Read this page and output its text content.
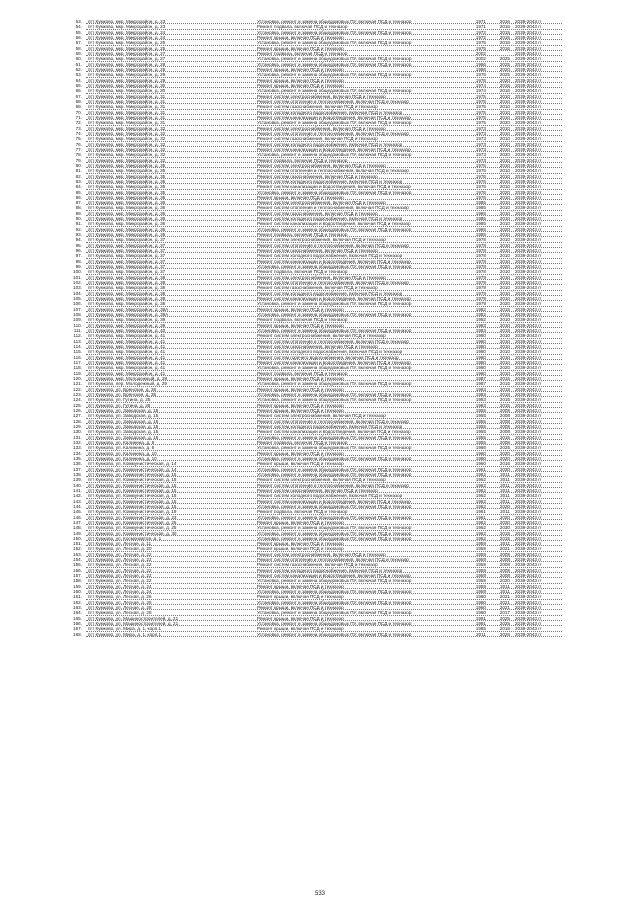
53. пгт Кумково, мкр. Микрорайон, д. 23	Установка, ремонт и замена общедомовых ПУ, включая ПСД и техназор	1971	2016 2039-2043 гг
54. пгт Кумково, мкр. Микрорайон, д. 23	Ремонт подвала, включая ПСД и техназор	1971	2016 2039-2043 гг
55. пгт Кумково, мкр. Микрорайон, д. 24	Установка, ремонт и замена общедомовых ПУ, включая ПСД и техназор	1972	2015 2039-2043 гг
56. пгт Кумково, мкр. Микрорайон, д. 24	Ремонт крыши, включая ПСД и техназор	1972	2015 2039-2043 гг
57. пгт Кумково, мкр. Микрорайон, д. 25	Установка, ремонт и замена общедомовых ПУ, включая ПСД и техназор	1975	2016 2039-2043 гг
58. пгт Кумково, мкр. Микрорайон, д. 25	Ремонт крыши, включая ПСД и техназор	1975	2016 2039-2043 гг
59. пгт Кумково, мкр. Микрорайон, д. 27	Ремонт подвала, включая ПСД и техназор	2002	2039-2043 гг
60. пгт Кумково, мкр. Микрорайон, д. 27	Установка, ремонт и замена общедомовых ПУ, включая ПСД и техназор	2002	2025 2039-2043 гг
61. пгт Кумково, мкр. Микрорайон, д. 28	Установка, ремонт и замена общедомовых ПУ, включая ПСД и техназор	1986	2025 2039-2043 гг
62. пгт Кумково, мкр. Микрорайон, д. 28	Ремонт крыши, включая ПСД и техназор	1986	2020 2039-2043 гг
63. пгт Кумково, мкр. Микрорайон, д. 29	Установка, ремонт и замена общедомовых ПУ, включая ПСД и техназор	1976	2025 2039-2043 гг
64. пгт Кумково, мкр. Микрорайон, д. 29	Ремонт крыши, включая ПСД и техназор	1976	2020 2039-2043 гг
65. пгт Кумково, мкр. Микрорайон, д. 30	Ремонт крыши, включая ПСД и техназор	1974	2016 2039-2043 гг
66. пгт Кумково, мкр. Микрорайон, д. 30	Установка, ремонт и замена общедомовых ПУ, включая ПСД и техназор	1974	2016 2039-2043 гг
67. пгт Кумково, мкр. Микрорайон, д. 31	Ремонт систем электроснабжения, включая ПСД и техназор	1975	2010 2039-2043 гг
68. пгт Кумково, мкр. Микрорайон, д. 31	Ремонт систем отопления и теплоснабжения, включая ПСД и техназор	1975	2010 2039-2043 гг
69. пгт Кумково, мкр. Микрорайон, д. 31	Ремонт систем газоснабжения, включая ПСД и техназор	1975	2010 2039-2043 гг
70. пгт Кумково, мкр. Микрорайон, д. 31	Ремонт систем холодного водоснабжения, включая ПСД и техназор	1975	2010 2039-2043 гг
71. пгт Кумково, мкр. Микрорайон, д. 31	Ремонт систем канализации и водоотведения, включая ПСД и техназор	1975	2010 2039-2043 гг
72. пгт Кумково, мкр. Микрорайон, д. 31	Установка, ремонт и замена общедомовых ПУ, включая ПСД и техназор	1975	2020 2039-2043 гг
73. пгт Кумково, мкр. Микрорайон, д. 32	Ремонт систем электроснабжения, включая ПСД и техназор	1973	2010 2039-2043 гг
74. пгт Кумково, мкр. Микрорайон, д. 32	Ремонт систем отопления и теплоснабжения, включая ПСД и техназор	1973	2010 2039-2043 гг
75. пгт Кумково, мкр. Микрорайон, д. 32	Ремонт систем газоснабжения, включая ПСД и техназор	1973	2010 2039-2043 гг
76. пгт Кумково, мкр. Микрорайон, д. 32	Ремонт систем холодного водоснабжения, включая ПСД и техназор	1973	2010 2039-2043 гг
77. пгт Кумково, мкр. Микрорайон, д. 32	Ремонт систем канализации и водоотведения, включая ПСД и техназор	1973	2010 2039-2043 гг
78. пгт Кумково, мкр. Микрорайон, д. 32	Установка, ремонт и замена общедомовых ПУ, включая ПСД и техназор	1973	2020 2039-2043 гг
79. пгт Кумково, мкр. Микрорайон, д. 32	Ремонт подвала, включая ПСД и техназор	1973	2010 2039-2043 гг
80. пгт Кумково, мкр. Микрорайон, д. 35	Ремонт систем электроснабжения, включая ПСД и техназор	1976	2010 2039-2043 гг
81. пгт Кумково, мкр. Микрорайон, д. 35	Ремонт систем отопления и теплоснабжения, включая ПСД и техназор	1976	2010 2039-2043 гг
82. пгт Кумково, мкр. Микрорайон, д. 35	Ремонт систем газоснабжения, включая ПСД и техназор	1976	2010 2039-2043 гг
83. пгт Кумково, мкр. Микрорайон, д. 35	Ремонт систем холодного водоснабжения, включая ПСД и техназор	1976	2010 2039-2043 гг
84. пгт Кумково, мкр. Микрорайон, д. 35	Ремонт систем канализации и водоотведения, включая ПСД и техназор	1976	2010 2039-2043 гг
85. пгт Кумково, мкр. Микрорайон, д. 35	Установка, ремонт и замена общедомовых ПУ, включая ПСД и техназор	1976	2020 2039-2043 гг
86. пгт Кумково, мкр. Микрорайон, д. 35	Ремонт крыши, включая ПСД и техназор	1976	2010 2039-2043 гг
87. пгт Кумково, мкр. Микрорайон, д. 36	Ремонт систем электроснабжения, включая ПСД и техназор	1985	2010 2039-2043 гг
88. пгт Кумково, мкр. Микрорайон, д. 36	Ремонт систем отопления и теплоснабжения, включая ПСД и техназор	1985	2010 2039-2043 гг
89. пгт Кумково, мкр. Микрорайон, д. 36	Ремонт систем газоснабжения, включая ПСД и техназор	1985	2010 2039-2043 гг
90. пгт Кумково, мкр. Микрорайон, д. 36	Ремонт систем холодного водоснабжения, включая ПСД и техназор	1985	2010 2039-2043 гг
91. пгт Кумково, мкр. Микрорайон, д. 36	Ремонт систем канализации и водоотведения, включая ПСД и техназор	1985	2010 2039-2043 гг
92. пгт Кумково, мкр. Микрорайон, д. 36	Установка, ремонт и замена общедомовых ПУ, включая ПСД и техназор	1985	2020 2039-2043 гг
93. пгт Кумково, мкр. Микрорайон, д. 36	Ремонт подвала, включая ПСД и техназор	1985	2010 2039-2043 гг
94. пгт Кумково, мкр. Микрорайон, д. 37	Ремонт систем электроснабжения, включая ПСД и техназор	1978	2010 2039-2043 гг
95. пгт Кумково, мкр. Микрорайон, д. 37	Ремонт систем отопления и теплоснабжения, включая ПСД и техназор	1978	2010 2039-2043 гг
96. пгт Кумково, мкр. Микрорайон, д. 37	Ремонт систем газоснабжения, включая ПСД и техназор	1978	2010 2039-2043 гг
97. пгт Кумково, мкр. Микрорайон, д. 37	Ремонт систем холодного водоснабжения, включая ПСД и техназор	1978	2010 2039-2043 гг
98. пгт Кумково, мкр. Микрорайон, д. 37	Ремонт систем канализации и водоотведения, включая ПСД и техназор	1978	2010 2039-2043 гг
99. пгт Кумково, мкр. Микрорайон, д. 37	Установка, ремонт и замена общедомовых ПУ, включая ПСД и техназор	1978	2020 2039-2043 гг
100. пгт Кумково, мкр. Микрорайон, д. 37	Ремонт подвала, включая ПСД и техназор	1978	2010 2039-2043 гг
101. пгт Кумково, мкр. Микрорайон, д. 38	Ремонт систем электроснабжения, включая ПСД и техназор	1979	2010 2039-2043 гг
102. пгт Кумково, мкр. Микрорайон, д. 38	Ремонт систем отопления и теплоснабжения, включая ПСД и техназор	1979	2010 2039-2043 гг
103. пгт Кумково, мкр. Микрорайон, д. 38	Ремонт систем газоснабжения, включая ПСД и техназор	1979	2010 2039-2043 гг
104. пгт Кумково, мкр. Микрорайон, д. 38	Ремонт систем холодного водоснабжения, включая ПСД и техназор	1979	2010 2039-2043 гг
105. пгт Кумково, мкр. Микрорайон, д. 38	Ремонт систем канализации и водоотведения, включая ПСД и техназор	1979	2010 2039-2043 гг
106. пгт Кумково, мкр. Микрорайон, д. 38	Установка, ремонт и замена общедомовых ПУ, включая ПСД и техназор	1979	2020 2039-2043 гг
107. пгт Кумково, мкр. Микрорайон, д. 38А	Ремонт крыши, включая ПСД и техназор	1982	2015 2039-2043 гг
108. пгт Кумково, мкр. Микрорайон, д. 38А	Установка, ремонт и замена общедомовых ПУ, включая ПСД и техназор	1982	2015 2039-2043 гг
109. пгт Кумково, мкр. Микрорайон, д. 39	Ремонт подвала, включая ПСД и техназор	1982	2010 2039-2043 гг
110. пгт Кумково, мкр. Микрорайон, д. 39	Ремонт крыши, включая ПСД и техназор	1983	2010 2039-2043 гг
111. пгт Кумково, мкр. Микрорайон, д. 40	Установка, ремонт и замена общедомовых ПУ, включая ПСД и техназор	1983	2019 2039-2043 гг
112. пгт Кумково, мкр. Микрорайон, д. 41	Ремонт систем электроснабжения, включая ПСД и техназор	1980	2010 2039-2043 гг
113. пгт Кумково, мкр. Микрорайон, д. 41	Ремонт систем отопления и теплоснабжения, включая ПСД и техназор	1980	2010 2039-2043 гг
114. пгт Кумково, мкр. Микрорайон, д. 41	Ремонт систем газоснабжения, включая ПСД и техназор	1980	2010 2039-2043 гг
115. пгт Кумково, мкр. Микрорайон, д. 41	Ремонт систем холодного водоснабжения, включая ПСД и техназор	1980	2010 2039-2043 гг
116. пгт Кумково, мкр. Микрорайон, д. 41	Ремонт систем горячего водоснабжения, включая ПСД и техназор	1980	2010 2039-2043 гг
117. пгт Кумково, мкр. Микрорайон, д. 41	Ремонт систем канализации и водоотведения, включая ПСД и техназор	1980	2010 2039-2043 гг
118. пгт Кумково, мкр. Микрорайон, д. 41	Установка, ремонт и замена общедомовых ПУ, включая ПСД и техназор	1980	2020 2039-2043 гг
119. пгт Кумково, мкр. Микрорайон, д. 41	Ремонт подвала, включая ПСД и техназор	1980	2010 2039-2043 гг
120. пгт Кумково, мкр. Молодежный, д. 28	Ремонт крыши, включая ПСД и техназор	1987	2015 2039-2043 гг
121. пгт Кумково, пер. Молодежный, д. 29	Установка, ремонт и замена общедомовых ПУ, включая ПСД и техназор	1987	2015 2039-2043 гг
122. пгт Кумково, ул. Брянская, д. 35	Ремонт крыши, включая ПСД и техназор	1983	2018 2039-2043 гг
123. пгт Кумково, ул. Брянская, д. 35	Установка, ремонт и замена общедомовых ПУ, включая ПСД и техназор	1983	2018 2039-2043 гг
124. пгт Кумково, ул. Гутина, д. 25	Установка, ремонт и замена общедомовых ПУ, включая ПСД и техназор	1983	2015 2039-2043 гг
125. пгт Кумково, ул. Гутина, д. 25	Ремонт крыши, включая ПСД и техназор	1983	2015 2039-2043 гг
126. пгт Кумково, ул. Заводская, д. 15	Ремонт крыши, включая ПСД и техназор	1955	2008 2039-2043 гг
127. пгт Кумково, ул. Заводская, д. 15	Ремонт систем электроснабжения, включая ПСД и техназор	1955	2008 2039-2043 гг
128. пгт Кумково, ул. Заводская, д. 15	Ремонт систем отопления и теплоснабжения, включая ПСД и техназор	1955	2008 2039-2043 гг
129. пгт Кумково, ул. Заводская, д. 15	Ремонт систем холодного водоснабжения, включая ПСД и техназор	1955	2008 2039-2043 гг
130. пгт Кумково, ул. Заводская, д. 15	Ремонт систем канализации и водоотведения, включая ПСД и техназор	1955	2008 2039-2043 гг
131. пгт Кумково, ул. Заводская, д. 15	Установка, ремонт и замена общедомовых ПУ, включая ПСД и техназор	1955	2015 2039-2043 гг
132. пгт Кумково, ул. Калинина, д. 8	Ремонт подвала, включая ПСД и техназор	1955	2008 2039-2043 гг
133. пгт Кумково, ул. Калинина, д. 8	Установка, ремонт и замена общедомовых ПУ, включая ПСД и техназор	1966	2025 2039-2043 гг
134. пгт Кумково, ул. Калинина, д. 10	Ремонт крыши, включая ПСД и техназор	1960	2020 2039-2043 гг
135. пгт Кумково, ул. Калинина, д. 10	Установка, ремонт и замена общедомовых ПУ, включая ПСД и техназор	1960	2020 2039-2043 гг
136. пгт Кумково, ул. Коммунистическая, д. 14	Ремонт крыши, включая ПСД и техназор	1960	2016 2039-2043 гг
137. пгт Кумково, ул. Коммунистическая, д. 14	Установка, ремонт и замена общедомовых ПУ, включая ПСД и техназор	1961	2030 2039-2043 гг
138. пгт Кумково, ул. Коммунистическая, д. 15	Установка, ремонт и замена общедомовых ПУ, включая ПСД и техназор	1962	2011 2039-2043 гг
139. пгт Кумково, ул. Коммунистическая, д. 15	Ремонт систем электроснабжения, включая ПСД и техназор	1962	2011 2039-2043 гг
140. пгт Кумково, ул. Коммунистическая, д. 15	Ремонт систем отопления и теплоснабжения, включая ПСД и техназор	1962	2011 2039-2043 гг
141. пгт Кумково, ул. Коммунистическая, д. 15	Ремонт систем газоснабжения, включая ПСД и техназор	1962	2011 2039-2043 гг
142. пгт Кумково, ул. Коммунистическая, д. 15	Ремонт систем холодного водоснабжения, включая ПСД и техназор	1962	2011 2039-2043 гг
143. пгт Кумково, ул. Коммунистическая, д. 15	Ремонт систем канализации и водоотведения, включая ПСД и техназор	1962	2011 2039-2043 гг
144. пгт Кумково, ул. Коммунистическая, д. 15	Установка, ремонт и замена общедомовых ПУ, включая ПСД и техназор	1962	2020 2039-2043 гг
145. пгт Кумково, ул. Коммунистическая, д. 19	Ремонт подвала, включая ПСД и техназор	1961	2011 2039-2043 гг
146. пгт Кумково, ул. Коммунистическая, д. 23	Установка, ремонт и замена общедомовых ПУ, включая ПСД и техназор	1961	2020 2039-2043 гг
147. пгт Кумково, ул. Коммунистическая, д. 25	Ремонт крыши, включая ПСД и техназор	1962	2030 2039-2043 гг
148. пгт Кумково, ул. Коммунистическая, д. 25	Установка, ремонт и замена общедомовых ПУ, включая ПСД и техназор	1962	2030 2039-2043 гг
149. пгт Кумково, ул. Коммунистическая, д. 30	Установка, ремонт и замена общедомовых ПУ, включая ПСД и техназор	1962	2015 2039-2043 гг
150. пгт Кумково, ул. Космонавтов, д. 1	Установка, ремонт и замена общедомовых ПУ, включая ПСД и техназор	1962	2015 2039-2043 гг
151. пгт Кумково, ул. Лесная, д. 11	Ремонт крыши, включая ПСД и техназор	1959	2011 2039-2043 гг
152. пгт Кумково, ул. Лесная, д. 20	Ремонт крыши, включая ПСД и техназор	1959	2021 2039-2043 гг
153. пгт Кумково, ул. Лесная, д. 22	Ремонт систем электроснабжения, включая ПСД и техназор	1959	2008 2039-2043 гг
154. пгт Кумково, ул. Лесная, д. 22	Ремонт систем отопления и теплоснабжения, включая ПСД и техназор	1959	2008 2039-2043 гг
155. пгт Кумково, ул. Лесная, д. 22	Ремонт систем газоснабжения, включая ПСД и техназор	1959	2008 2039-2043 гг
156. пгт Кумково, ул. Лесная, д. 22	Ремонт систем холодного водоснабжения, включая ПСД и техназор	1959	2008 2039-2043 гг
157. пгт Кумково, ул. Лесная, д. 22	Ремонт систем канализации и водоотведения, включая ПСД и техназор	1959	2008 2039-2043 гг
158. пгт Кумково, ул. Лесная, д. 22	Установка, ремонт и замена общедомовых ПУ, включая ПСД и техназор	1959	2020 2039-2043 гг
159. пгт Кумково, ул. Лесная, д. 24	Ремонт крыши, включая ПСД и техназор	1959	2011 2039-2043 гг
160. пгт Кумково, ул. Лесная, д. 24	Установка, ремонт и замена общедомовых ПУ, включая ПСД и техназор	1959	2011 2039-2043 гг
161. пгт Кумково, ул. Лесная, д. 26	Ремонт крыши, включая ПСД и техназор	1960	2021 2039-2043 гг
162. пгт Кумково, ул. Лесная, д. 26	Установка, ремонт и замена общедомовых ПУ, включая ПСД и техназор	1960	2021 2039-2043 гг
163. пгт Кумково, ул. Лесная, д. 28	Ремонт крыши, включая ПСД и техназор	1960	2021 2039-2043 гг
164. пгт Кумково, ул. Лесная, д. 28	Установка, ремонт и замена общедомовых ПУ, включая ПСД и техназор	1960	2017 2039-2043 гг
165. пгт Кумково, ул. Машиностроителей, д. 21	Ремонт крыши, включая ПСД и техназор	1991	2025 2039-2043 гг
166. пгт Кумково, ул. Машиностроителей, д. 21	Установка, ремонт и замена общедомовых ПУ, включая ПСД и техназор	1991	2025 2039-2043 гг
167. пгт Кумково, ул. Мира, д. 1, корп.1	Ремонт крыши, включая ПСД и техназор	1985	2018 2039-2043 гг
168. пгт Кумково, ул. Мира, д. 1, корп.1	Установка, ремонт и замена общедомовых ПУ, включая ПСД и техназор	2011	2026 2039-2043 гг
533
